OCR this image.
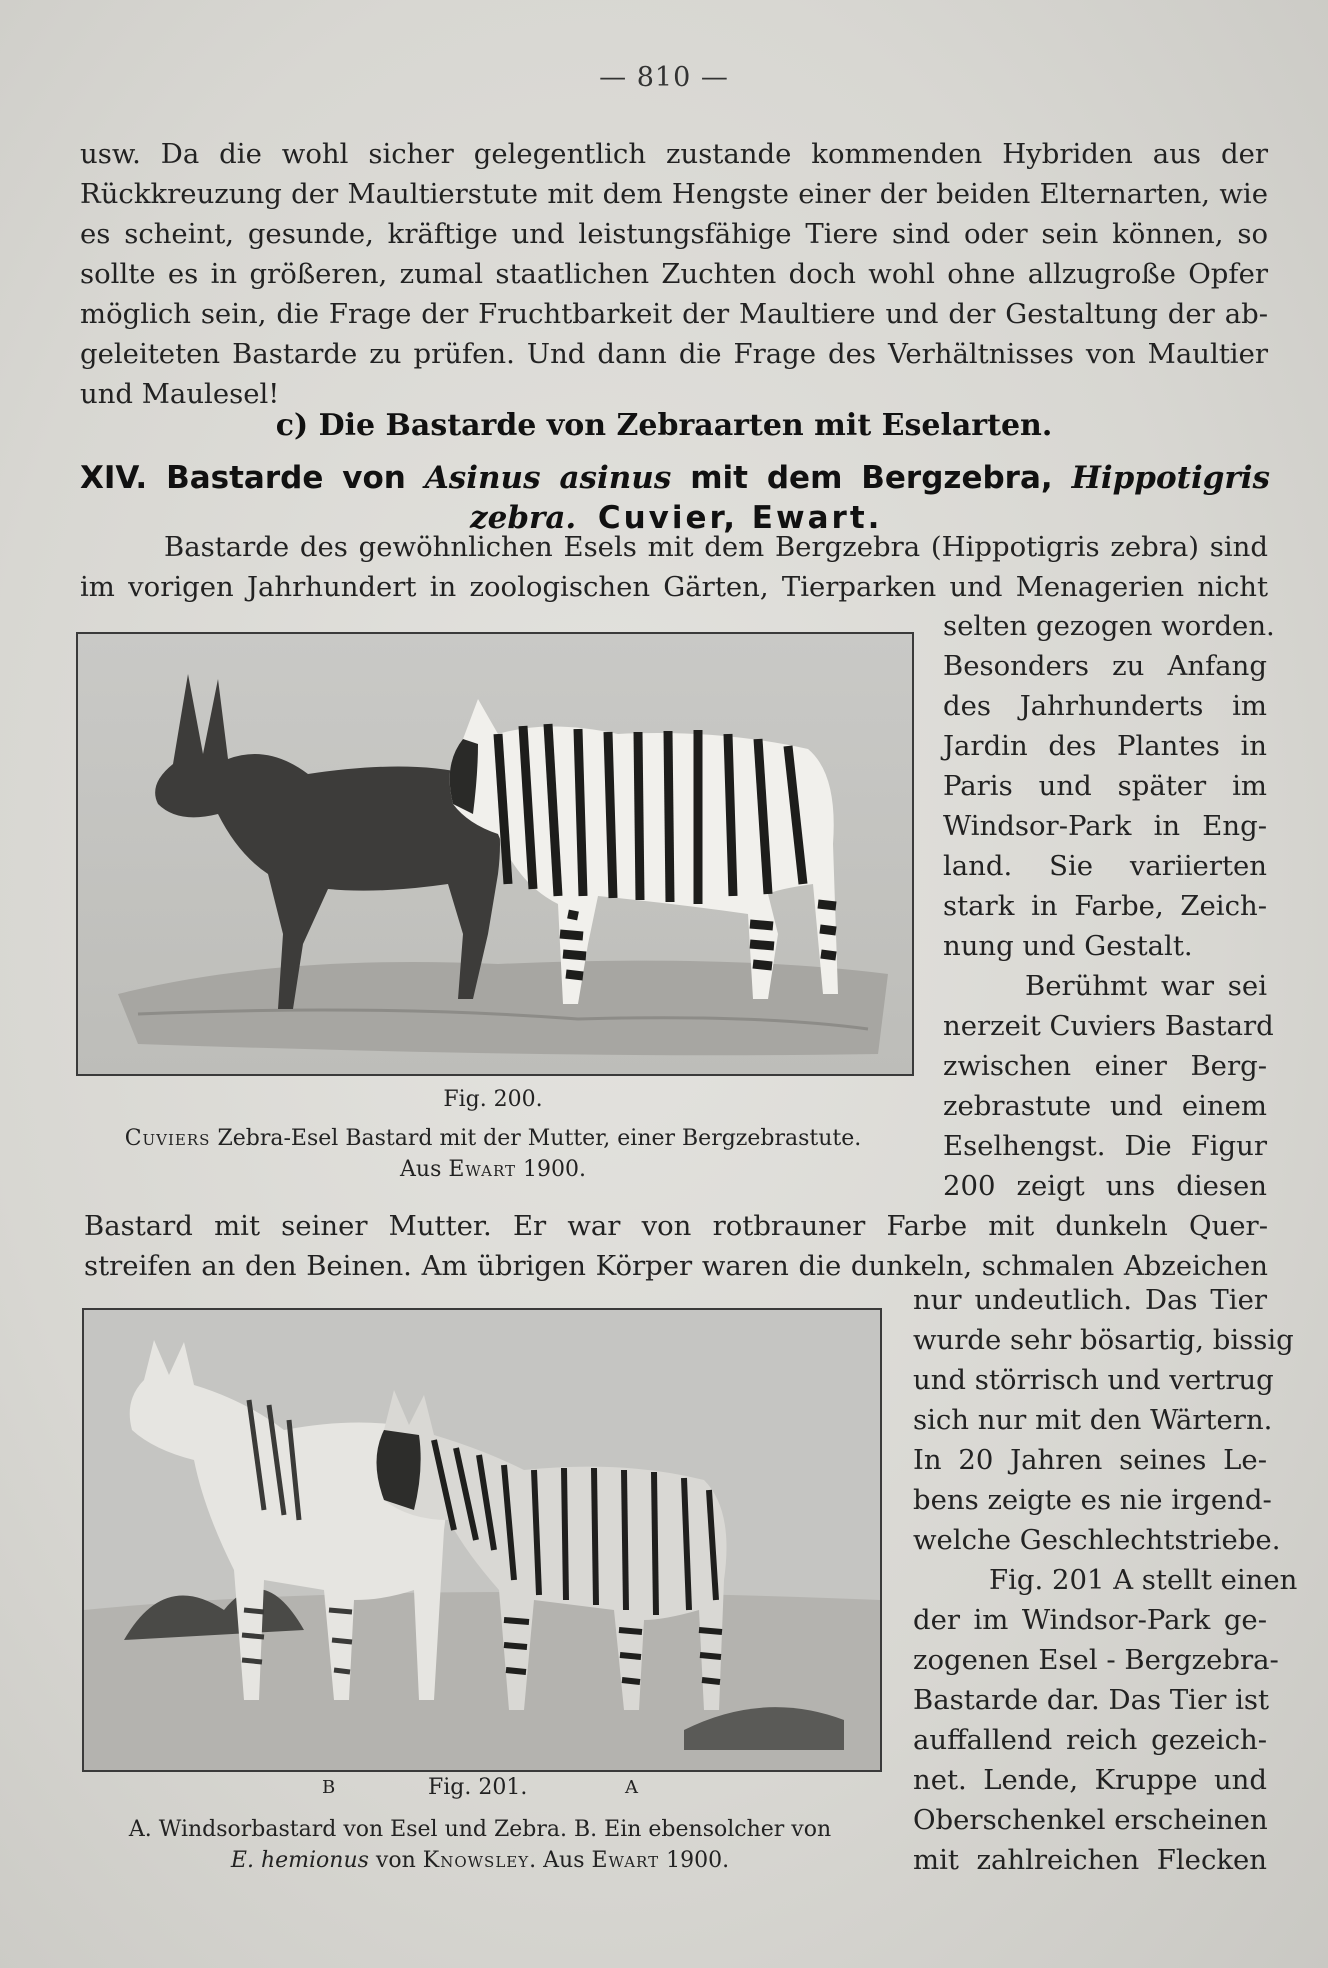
— 810 —
usw. Da die wohl sicher gelegentlich zustande kommenden Hybriden aus der
Rückkreuzung der Maultierstute mit dem Hengste einer der beiden Elternarten, wie
es scheint, gesunde, kräftige und leistungsfähige Tiere sind oder sein können, so
sollte es in größeren, zumal staatlichen Zuchten doch wohl ohne allzugroße Opfer
möglich sein, die Frage der Fruchtbarkeit der Maultiere und der Gestaltung der ab-
geleiteten Bastarde zu prüfen. Und dann die Frage des Verhältnisses von Maultier
und Maulesel!
c) Die Bastarde von Zebraarten mit Eselarten.
XIV. Bastarde von Asinus asinus mit dem Bergzebra, Hippotigris
zebra. Cuvier, Ewart.
Bastarde des gewöhnlichen Esels mit dem Bergzebra (Hippotigris zebra) sind
im vorigen Jahrhundert in zoologischen Gärten, Tierparken und Menagerien nicht
Fig. 200.
Cuviers Zebra-Esel Bastard mit der Mutter, einer Bergzebrastute.
Aus Ewart 1900.
selten gezogen worden.
Besonders zu Anfang
des Jahrhunderts im
Jardin des Plantes in
Paris und später im
Windsor-Park in Eng-
land. Sie variierten
stark in Farbe, Zeich-
nung und Gestalt.
Berühmt war sei
nerzeit Cuviers Bastard
zwischen einer Berg-
zebrastute und einem
Eselhengst. Die Figur
200 zeigt uns diesen
Bastard mit seiner Mutter. Er war von rotbrauner Farbe mit dunkeln Quer-
streifen an den Beinen. Am übrigen Körper waren die dunkeln, schmalen Abzeichen
B	Fig. 201.	A
A. Windsorbastard von Esel und Zebra. B. Ein ebensolcher von
E. hemionus von Knowsley. Aus Ewart 1900.
nur undeutlich. Das Tier
wurde sehr bösartig, bissig
und störrisch und vertrug
sich nur mit den Wärtern.
In 20 Jahren seines Le-
bens zeigte es nie irgend-
welche Geschlechtstriebe.
Fig. 201 A stellt einen
der im Windsor-Park ge-
zogenen Esel - Bergzebra-
Bastarde dar. Das Tier ist
auffallend reich gezeich-
net. Lende, Kruppe und
Oberschenkel erscheinen
mit zahlreichen Flecken
